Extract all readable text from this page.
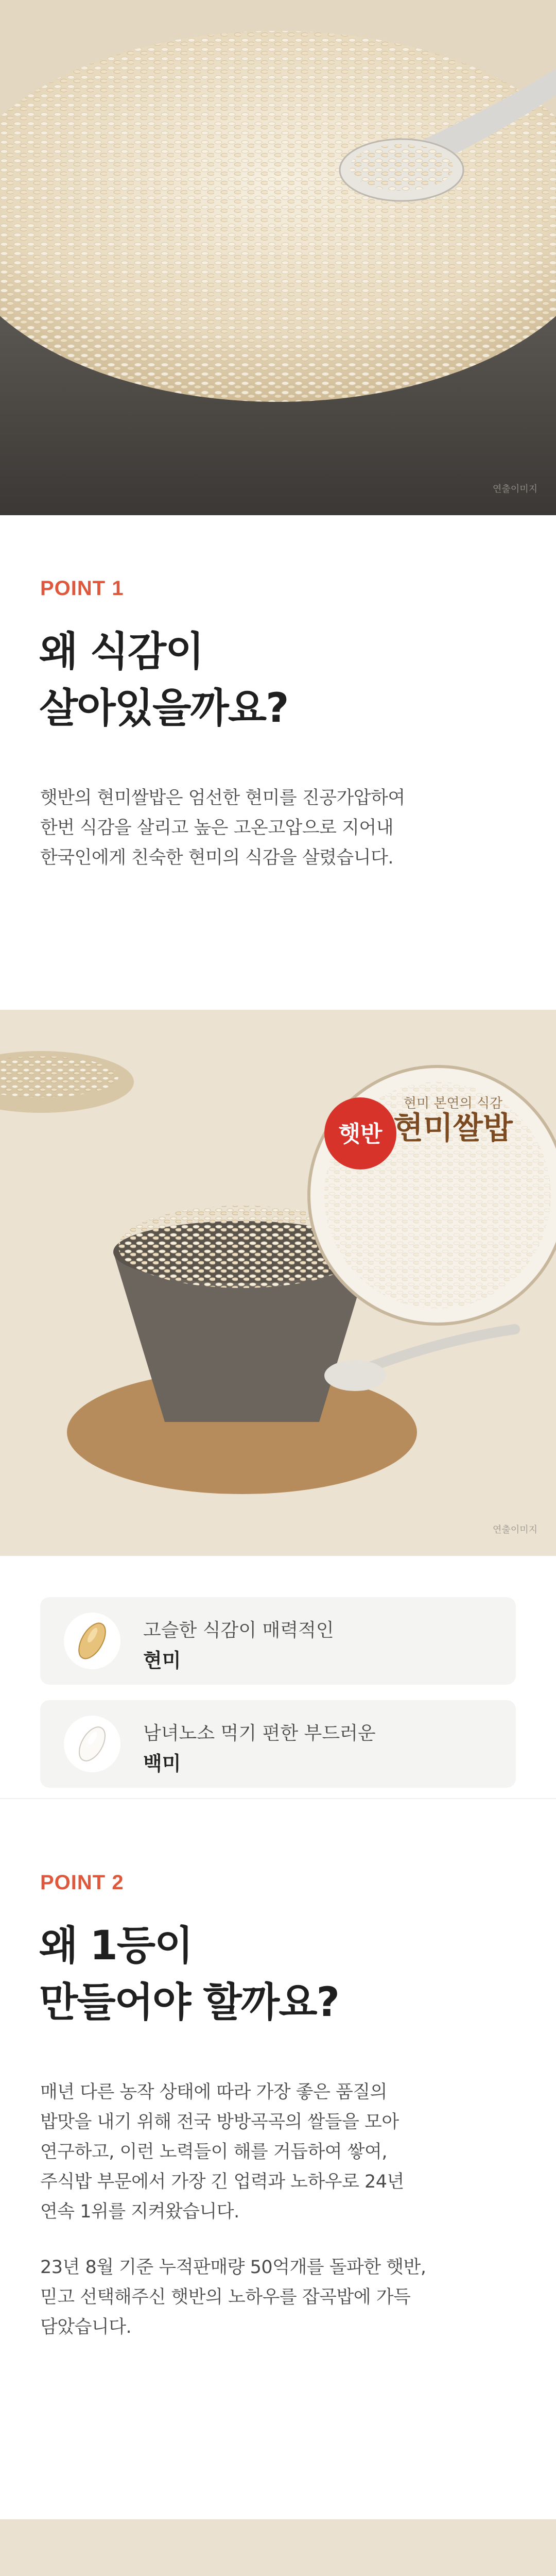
연출이미지
POINT 1
왜 식감이
살아있을까요?
햇반의 현미쌀밥은 엄선한 현미를 진공가압하여
한번 식감을 살리고 높은 고온고압으로 지어내
한국인에게 친숙한 현미의 식감을 살렸습니다.
햇반 현미쌀밥
현미 본연의 식감
연출이미지
고슬한 식감이 매력적인
현미
남녀노소 먹기 편한 부드러운
백미
POINT 2
왜 1등이
만들어야 할까요?
매년 다른 농작 상태에 따라 가장 좋은 품질의
밥맛을 내기 위해 전국 방방곡곡의 쌀들을 모아
연구하고, 이런 노력들이 해를 거듭하여 쌓여,
주식밥 부문에서 가장 긴 업력과 노하우로 24년
연속 1위를 지켜왔습니다.
23년 8월 기준 누적판매량 50억개를 돌파한 햇반,
믿고 선택해주신 햇반의 노하우를 잡곡밥에 가득
담았습니다.
